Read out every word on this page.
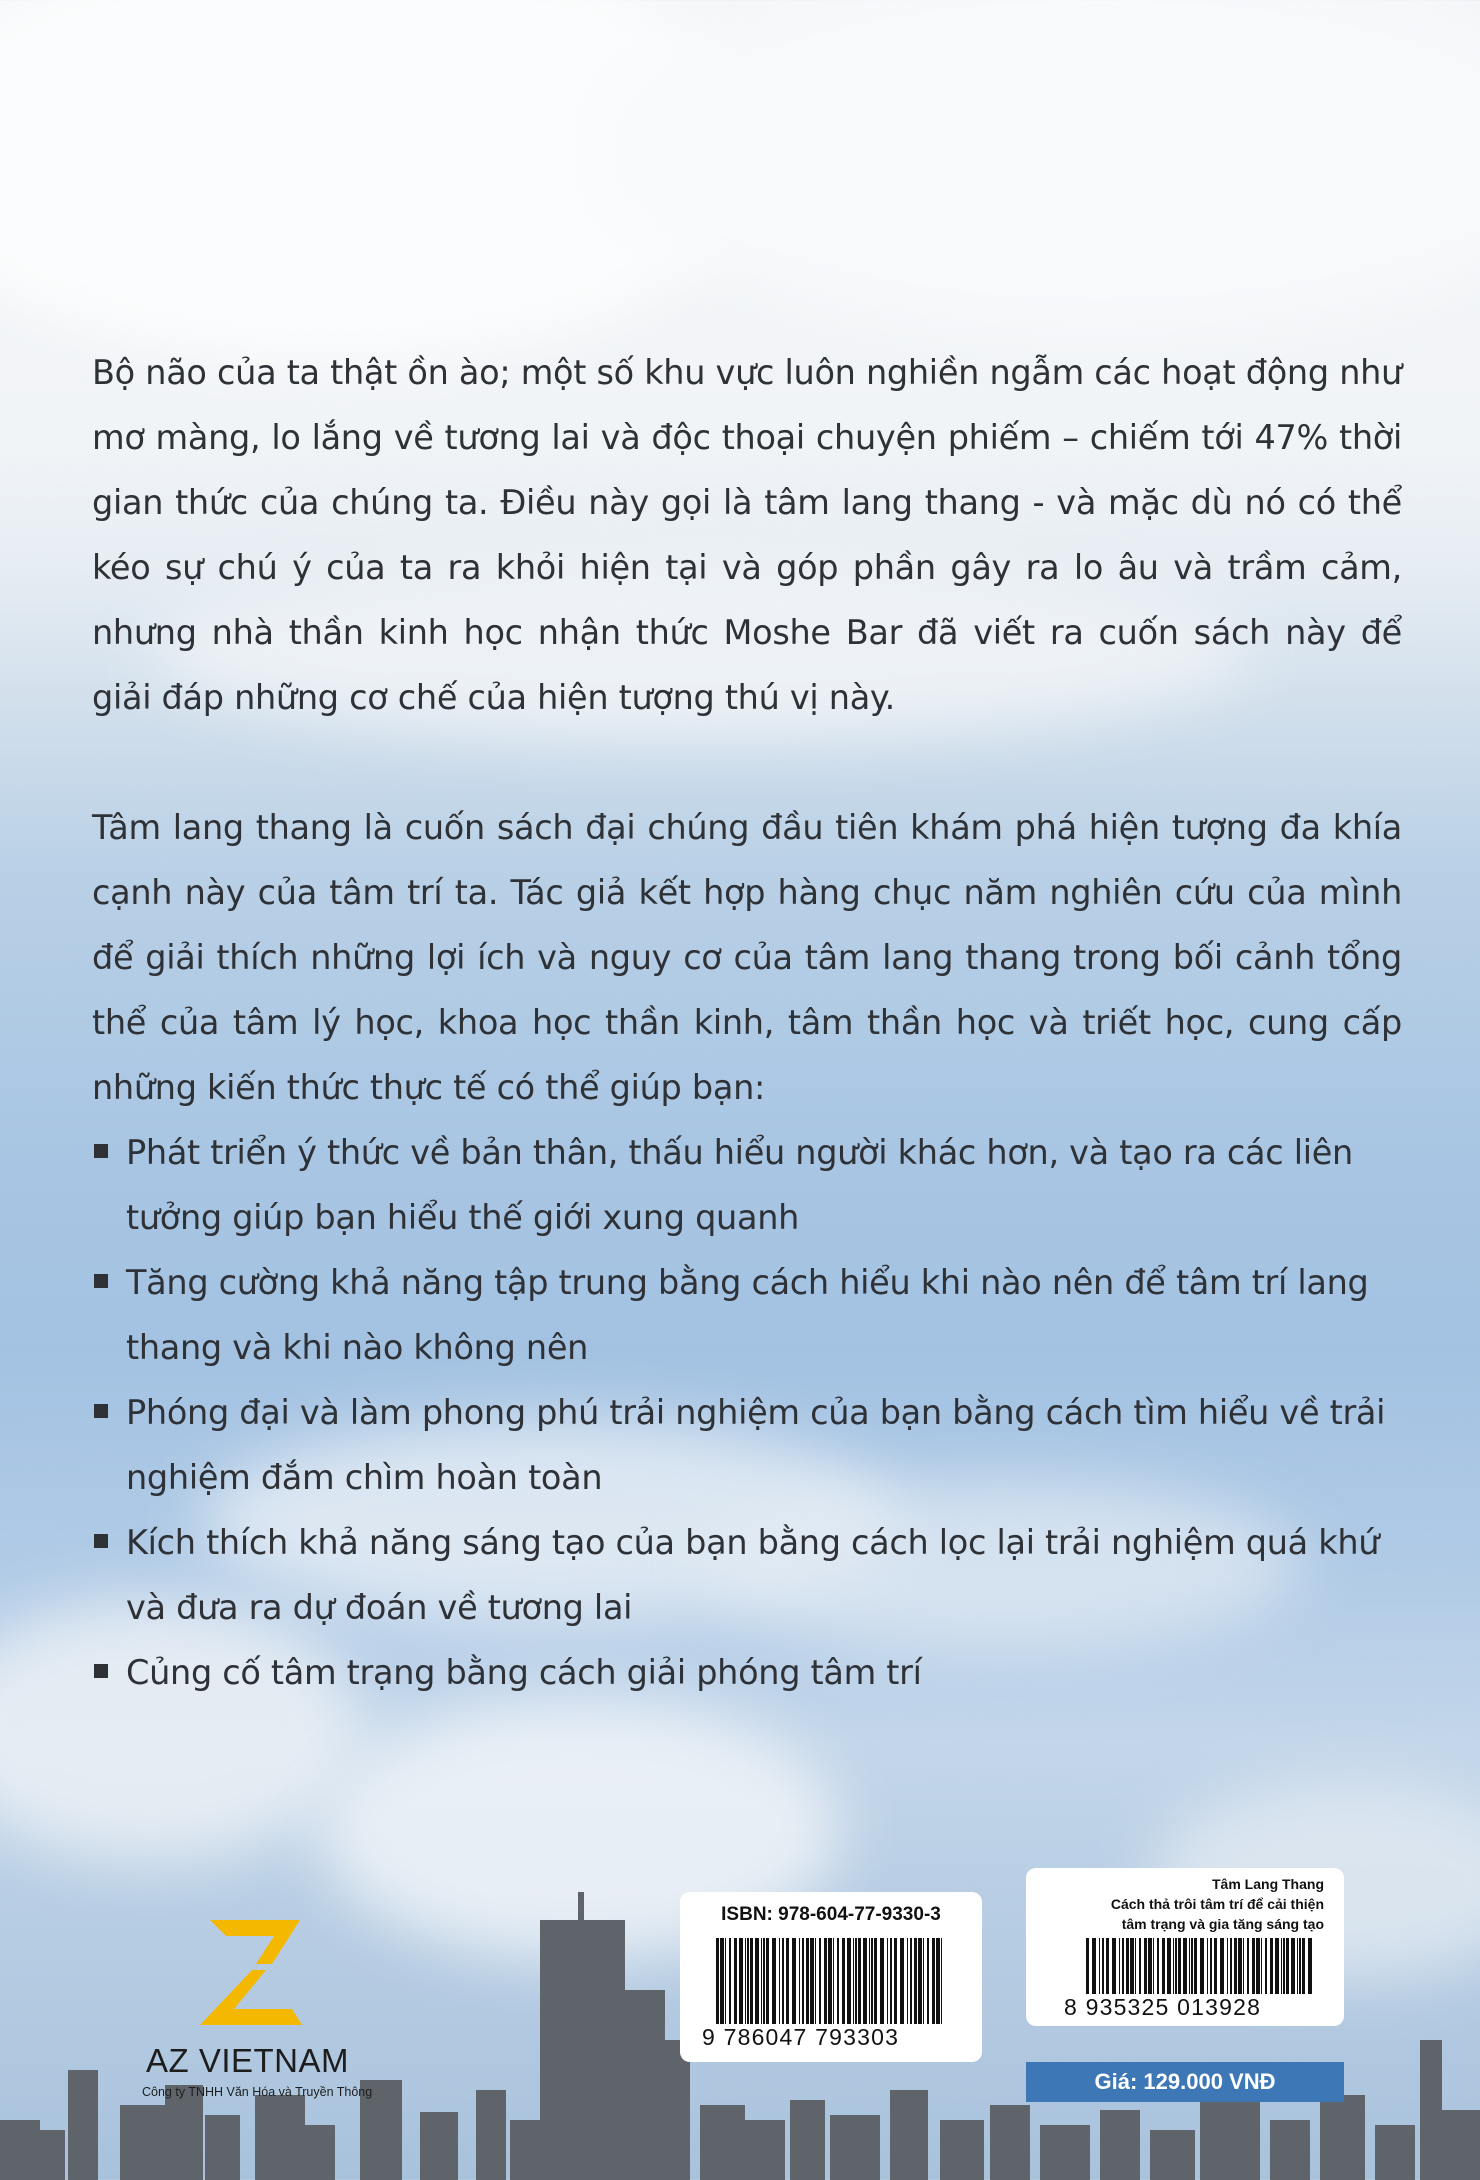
Bộ não của ta thật ồn ào; một số khu vực luôn nghiền ngẫm các hoạt động như mơ màng, lo lắng về tương lai và độc thoại chuyện phiếm – chiếm tới 47% thời gian thức của chúng ta. Điều này gọi là tâm lang thang - và mặc dù nó có thể kéo sự chú ý của ta ra khỏi hiện tại và góp phần gây ra lo âu và trầm cảm, nhưng nhà thần kinh học nhận thức Moshe Bar đã viết ra cuốn sách này để giải đáp những cơ chế của hiện tượng thú vị này.

Tâm lang thang là cuốn sách đại chúng đầu tiên khám phá hiện tượng đa khía cạnh này của tâm trí ta. Tác giả kết hợp hàng chục năm nghiên cứu của mình để giải thích những lợi ích và nguy cơ của tâm lang thang trong bối cảnh tổng thể của tâm lý học, khoa học thần kinh, tâm thần học và triết học, cung cấp những kiến thức thực tế có thể giúp bạn:

Phát triển ý thức về bản thân, thấu hiểu người khác hơn, và tạo ra các liên tưởng giúp bạn hiểu thế giới xung quanh
Tăng cường khả năng tập trung bằng cách hiểu khi nào nên để tâm trí lang thang và khi nào không nên
Phóng đại và làm phong phú trải nghiệm của bạn bằng cách tìm hiểu về trải nghiệm đắm chìm hoàn toàn
Kích thích khả năng sáng tạo của bạn bằng cách lọc lại trải nghiệm quá khứ và đưa ra dự đoán về tương lai
Củng cố tâm trạng bằng cách giải phóng tâm trí
AZ VIETNAM
Công ty TNHH Văn Hóa và Truyền Thông
ISBN: 978-604-77-9330-3
9 786047 793303
Tâm Lang Thang
Cách thả trôi tâm trí để cải thiện
tâm trạng và gia tăng sáng tạo
8 935325 013928
Giá: 129.000 VNĐ
